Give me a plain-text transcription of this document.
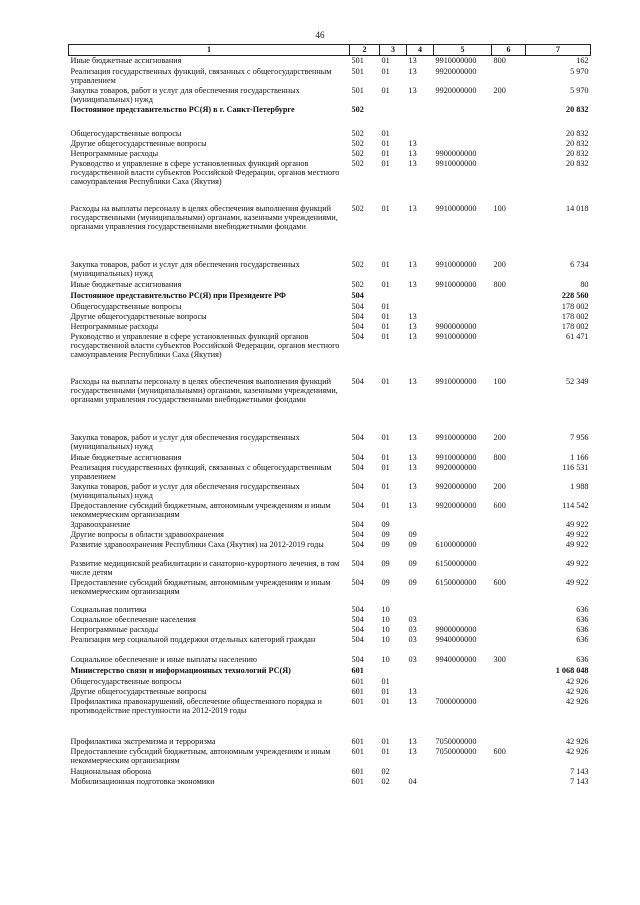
46
1	2	3	4	5	6	7
Иные бюджетные ассигнования	501	01	13	9910000000	800	162
Реализация государственных функций, связанных с общегосударственным управлением	501	01	13	9920000000		5 970
Закупка товаров, работ и услуг для обеспечения государственных (муниципальных) нужд	501	01	13	9920000000	200	5 970
Постоянное представительство РС(Я) в г. Санкт-Петербурге	502					20 832
Общегосударственные вопросы	502	01				20 832
Другие общегосударственные вопросы	502	01	13			20 832
Непрограммные расходы	502	01	13	9900000000		20 832
Руководство и управление в сфере установленных функций органов государственной власти субъектов Российской Федерации, органов местного самоуправления Республики Саха (Якутия)	502	01	13	9910000000		20 832
Расходы на выплаты персоналу в целях обеспечения выполнения функций государственными (муниципальными) органами, казенными учреждениями, органами управления государственными внебюджетными фондами	502	01	13	9910000000	100	14 018
Закупка товаров, работ и услуг для обеспечения государственных (муниципальных) нужд	502	01	13	9910000000	200	6 734
Иные бюджетные ассигнования	502	01	13	9910000000	800	80
Постоянное представительство РС(Я) при Президенте РФ	504					228 560
Общегосударственные вопросы	504	01				178 002
Другие общегосударственные вопросы	504	01	13			178 002
Непрограммные расходы	504	01	13	9900000000		178 002
Руководство и управление в сфере установленных функций органов государственной власти субъектов Российской Федерации, органов местного самоуправления Республики Саха (Якутия)	504	01	13	9910000000		61 471
Расходы на выплаты персоналу в целях обеспечения выполнения функций государственными (муниципальными) органами, казенными учреждениями, органами управления государственными внебюджетными фондами	504	01	13	9910000000	100	52 349
Закупка товаров, работ и услуг для обеспечения государственных (муниципальных) нужд	504	01	13	9910000000	200	7 956
Иные бюджетные ассигнования	504	01	13	9910000000	800	1 166
Реализация государственных функций, связанных с общегосударственным управлением	504	01	13	9920000000		116 531
Закупка товаров, работ и услуг для обеспечения государственных (муниципальных) нужд	504	01	13	9920000000	200	1 988
Предоставление субсидий бюджетным, автономным учреждениям и иным некоммерческим организациям	504	01	13	9920000000	600	114 542
Здравоохранение	504	09				49 922
Другие вопросы в области здравоохранения	504	09	09			49 922
Развитие здравоохранения Республики Саха (Якутия) на 2012-2019 годы	504	09	09	6100000000		49 922
Развитие медицинской реабилитации и санаторно-курортного лечения, в том числе детям	504	09	09	6150000000		49 922
Предоставление субсидий бюджетным, автономным учреждениям и иным некоммерческим организациям	504	09	09	6150000000	600	49 922
Социальная политика	504	10				636
Социальное обеспечение населения	504	10	03			636
Непрограммные расходы	504	10	03	9900000000		636
Реализация мер социальной поддержки отдельных категорий граждан	504	10	03	9940000000		636
Социальное обеспечение и иные выплаты населению	504	10	03	9940000000	300	636
Министерство связи и информационных технологий РС(Я)	601					1 068 048
Общегосударственные вопросы	601	01				42 926
Другие общегосударственные вопросы	601	01	13			42 926
Профилактика правонарушений, обеспечение общественного порядка и противодействие преступности на 2012-2019 годы	601	01	13	7000000000		42 926
Профилактика экстремизма и терроризма	601	01	13	7050000000		42 926
Предоставление субсидий бюджетным, автономным учреждениям и иным некоммерческим организациям	601	01	13	7050000000	600	42 926
Национальная оборона	601	02				7 143
Мобилизационная подготовка экономики	601	02	04			7 143
